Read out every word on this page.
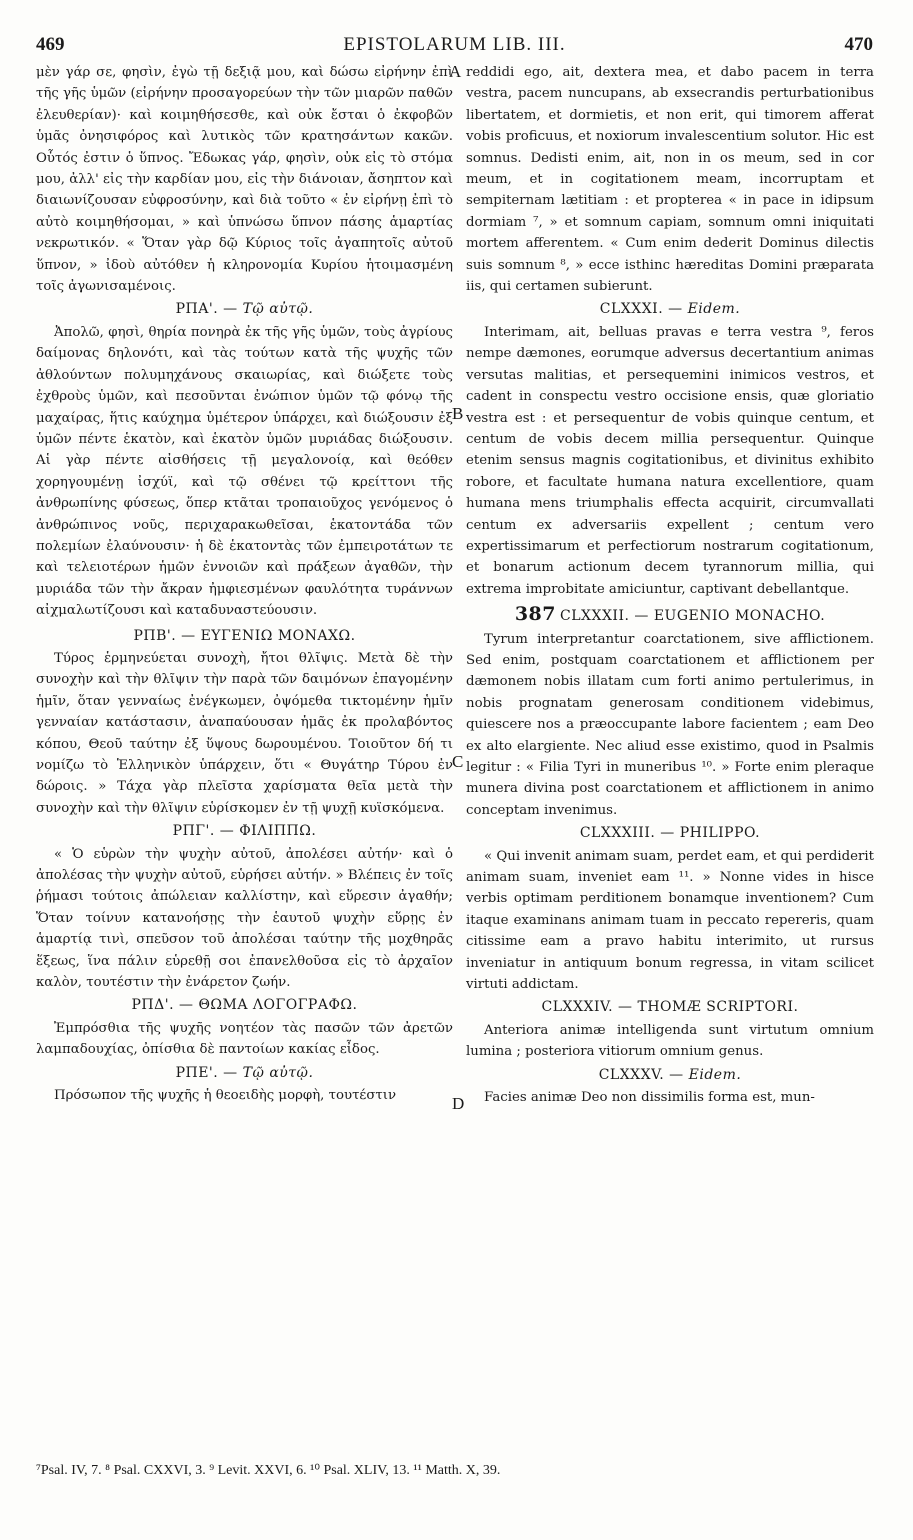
469	EPISTOLARUM LIB. III.	470
A
B
C
D

μὲν γάρ σε, φησὶν, ἐγὼ τῇ δεξιᾷ μου, καὶ δώσω εἰρήνην ἐπὶ τῆς γῆς ὑμῶν (εἰρήνην προσαγορεύων τὴν τῶν μιαρῶν παθῶν ἐλευθερίαν)· καὶ κοιμηθήσεσθε, καὶ οὐκ ἔσται ὁ ἐκφοβῶν ὑμᾶς ὀνησιφόρος καὶ λυτικὸς τῶν κρατησάντων κακῶν. Οὗτός ἐστιν ὁ ὕπνος. Ἔδωκας γάρ, φησὶν, οὐκ εἰς τὸ στόμα μου, ἀλλ' εἰς τὴν καρδίαν μου, εἰς τὴν διάνοιαν, ἄσηπτον καὶ διαιωνίζουσαν εὐφροσύνην, καὶ διὰ τοῦτο « ἐν εἰρήνῃ ἐπὶ τὸ αὐτὸ κοιμηθήσομαι, » καὶ ὑπνώσω ὕπνον πάσης ἁμαρτίας νεκρωτικόν. « Ὅταν γὰρ δῷ Κύριος τοῖς ἀγαπητοῖς αὐτοῦ ὕπνον, » ἰδοὺ αὐτόθεν ἡ κληρονομία Κυρίου ἡτοιμασμένη τοῖς ἀγωνισαμένοις.

ΡΠΑ'. — Τῷ αὐτῷ.

Ἀπολῶ, φησὶ, θηρία πονηρὰ ἐκ τῆς γῆς ὑμῶν, τοὺς ἀγρίους δαίμονας δηλονότι, καὶ τὰς τούτων κατὰ τῆς ψυχῆς τῶν ἀθλούντων πολυμηχάνους σκαιωρίας, καὶ διώξετε τοὺς ἐχθροὺς ὑμῶν, καὶ πεσοῦνται ἐνώπιον ὑμῶν τῷ φόνῳ τῆς μαχαίρας, ἥτις καύχημα ὑμέτερον ὑπάρχει, καὶ διώξουσιν ἐξ ὑμῶν πέντε ἑκατὸν, καὶ ἑκατὸν ὑμῶν μυριάδας διώξουσιν. Αἱ γὰρ πέντε αἰσθήσεις τῇ μεγαλονοίᾳ, καὶ θεόθεν χορηγουμένῃ ἰσχύϊ, καὶ τῷ σθένει τῷ κρείττονι τῆς ἀνθρωπίνης φύσεως, ὅπερ κτᾶται τροπαιοῦχος γενόμενος ὁ ἀνθρώπινος νοῦς, περιχαρακωθεῖσαι, ἑκατοντάδα τῶν πολεμίων ἐλαύνουσιν· ἡ δὲ ἑκατοντὰς τῶν ἐμπειροτάτων τε καὶ τελειοτέρων ἡμῶν ἐννοιῶν καὶ πράξεων ἀγαθῶν, τὴν μυριάδα τῶν τὴν ἄκραν ἠμφιεσμένων φαυλότητα τυράννων αἰχμαλωτίζουσι καὶ καταδυναστεύουσιν.

ΡΠΒ'. — ΕΥΓΕΝΙΩ ΜΟΝΑΧΩ.

Τύρος ἑρμηνεύεται συνοχὴ, ἤτοι θλῖψις. Μετὰ δὲ τὴν συνοχὴν καὶ τὴν θλῖψιν τὴν παρὰ τῶν δαιμόνων ἐπαγομένην ἡμῖν, ὅταν γενναίως ἐνέγκωμεν, ὀψόμεθα τικτομένην ἡμῖν γενναίαν κατάστασιν, ἀναπαύουσαν ἡμᾶς ἐκ προλαβόντος κόπου, Θεοῦ ταύτην ἐξ ὕψους δωρουμένου. Τοιοῦτον δή τι νομίζω τὸ Ἑλληνικὸν ὑπάρχειν, ὅτι « Θυγάτηρ Τύρου ἐν δώροις. » Τάχα γὰρ πλεῖστα χαρίσματα θεῖα μετὰ τὴν συνοχὴν καὶ τὴν θλῖψιν εὑρίσκομεν ἐν τῇ ψυχῇ κυϊσκόμενα.

ΡΠΓ'. — ΦΙΛΙΠΠΩ.

« Ὁ εὑρὼν τὴν ψυχὴν αὐτοῦ, ἀπολέσει αὐτήν· καὶ ὁ ἀπολέσας τὴν ψυχὴν αὐτοῦ, εὑρήσει αὐτήν. » Βλέπεις ἐν τοῖς ῥήμασι τούτοις ἀπώλειαν καλλίστην, καὶ εὕρεσιν ἀγαθήν; Ὅταν τοίνυν κατανοήσῃς τὴν ἑαυτοῦ ψυχὴν εὕρῃς ἐν ἁμαρτίᾳ τινὶ, σπεῦσον τοῦ ἀπολέσαι ταύτην τῆς μοχθηρᾶς ἕξεως, ἵνα πάλιν εὑρεθῇ σοι ἐπανελθοῦσα εἰς τὸ ἀρχαῖον καλὸν, τουτέστιν τὴν ἐνάρετον ζωήν.

ΡΠΔ'. — ΘΩΜΑ ΛΟΓΟΓΡΑΦΩ.

Ἐμπρόσθια τῆς ψυχῆς νοητέον τὰς πασῶν τῶν ἀρετῶν λαμπαδουχίας, ὀπίσθια δὲ παντοίων κακίας εἶδος.

ΡΠΕ'. — Τῷ αὐτῷ.

Πρόσωπον τῆς ψυχῆς ἡ θεοειδὴς μορφὴ, τουτέστιν

reddidi ego, ait, dextera mea, et dabo pacem in terra vestra, pacem nuncupans, ab exsecrandis perturbationibus libertatem, et dormietis, et non erit, qui timorem afferat vobis proficuus, et noxiorum invalescentium solutor. Hic est somnus. Dedisti enim, ait, non in os meum, sed in cor meum, et in cogitationem meam, incorruptam et sempiternam lætitiam : et propterea « in pace in idipsum dormiam ⁷, » et somnum capiam, somnum omni iniquitati mortem afferentem. « Cum enim dederit Dominus dilectis suis somnum ⁸, » ecce isthinc hæreditas Domini præparata iis, qui certamen subierunt.

CLXXXI. — Eidem.

Interimam, ait, belluas pravas e terra vestra ⁹, feros nempe dæmones, eorumque adversus decertantium animas versutas malitias, et persequemini inimicos vestros, et cadent in conspectu vestro occisione ensis, quæ gloriatio vestra est : et persequentur de vobis quinque centum, et centum de vobis decem millia persequentur. Quinque etenim sensus magnis cogitationibus, et divinitus exhibito robore, et facultate humana natura excellentiore, quam humana mens triumphalis effecta acquirit, circumvallati centum ex adversariis expellent ; centum vero expertissimarum et perfectiorum nostrarum cogitationum, et bonarum actionum decem tyrannorum millia, qui extrema improbitate amiciuntur, captivant debellantque.

387 CLXXXII. — EUGENIO MONACHO.

Tyrum interpretantur coarctationem, sive afflictionem. Sed enim, postquam coarctationem et afflictionem per dæmonem nobis illatam cum forti animo pertulerimus, in nobis prognatam generosam conditionem videbimus, quiescere nos a præoccupante labore facientem ; eam Deo ex alto elargiente. Nec aliud esse existimo, quod in Psalmis legitur : « Filia Tyri in muneribus ¹⁰. » Forte enim pleraque munera divina post coarctationem et afflictionem in animo conceptam invenimus.

CLXXXIII. — PHILIPPO.

« Qui invenit animam suam, perdet eam, et qui perdiderit animam suam, inveniet eam ¹¹. » Nonne vides in hisce verbis optimam perditionem bonamque inventionem? Cum itaque examinans animam tuam in peccato repereris, quam citissime eam a pravo habitu interimito, ut rursus inveniatur in antiquum bonum regressa, in vitam scilicet virtuti addictam.

CLXXXIV. — THOMÆ SCRIPTORI.

Anteriora animæ intelligenda sunt virtutum omnium lumina ; posteriora vitiorum omnium genus.

CLXXXV. — Eidem.

Facies animæ Deo non dissimilis forma est, mun-

⁷Psal. IV, 7. ⁸ Psal. CXXVI, 3. ⁹ Levit. XXVI, 6. ¹⁰ Psal. XLIV, 13. ¹¹ Matth. X, 39.
